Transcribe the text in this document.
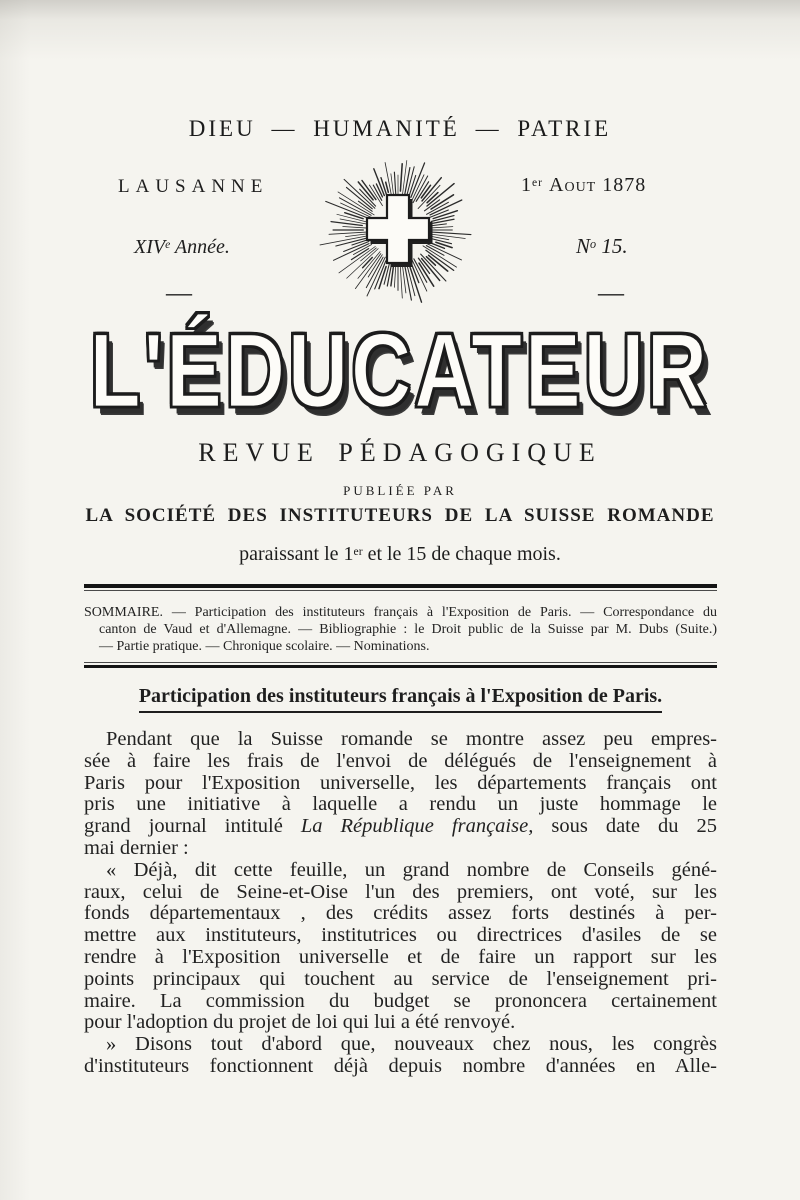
DIEU — HUMANITÉ — PATRIE
LAUSANNE	1er Aout 1878
XIVe Année.	$N^o$ 15.
—	—
L'ÉDUCATEUR
REVUE PÉDAGOGIQUE
PUBLIÉE PAR
LA SOCIÉTÉ DES INSTITUTEURS DE LA SUISSE ROMANDE
paraissant le 1er et le 15 de chaque mois.
SOMMAIRE. — Participation des instituteurs français à l'Exposition de Paris. — Correspondance du
canton de Vaud et d'Allemagne. — Bibliographie : le Droit public de la Suisse par M. Dubs (Suite.)
— Partie pratique. — Chronique scolaire. — Nominations.
Participation des instituteurs français à l'Exposition de Paris.
Pendant que la Suisse romande se montre assez peu empres-
sée à faire les frais de l'envoi de délégués de l'enseignement à
Paris pour l'Exposition universelle, les départements français ont
pris une initiative à laquelle a rendu un juste hommage le
grand journal intitulé La République française, sous date du 25
mai dernier :
« Déjà, dit cette feuille, un grand nombre de Conseils géné-
raux, celui de Seine-et-Oise l'un des premiers, ont voté, sur les
fonds départementaux , des crédits assez forts destinés à per-
mettre aux instituteurs, institutrices ou directrices d'asiles de se
rendre à l'Exposition universelle et de faire un rapport sur les
points principaux qui touchent au service de l'enseignement pri-
maire. La commission du budget se prononcera certainement
pour l'adoption du projet de loi qui lui a été renvoyé.
» Disons tout d'abord que, nouveaux chez nous, les congrès
d'instituteurs fonctionnent déjà depuis nombre d'années en Alle-
